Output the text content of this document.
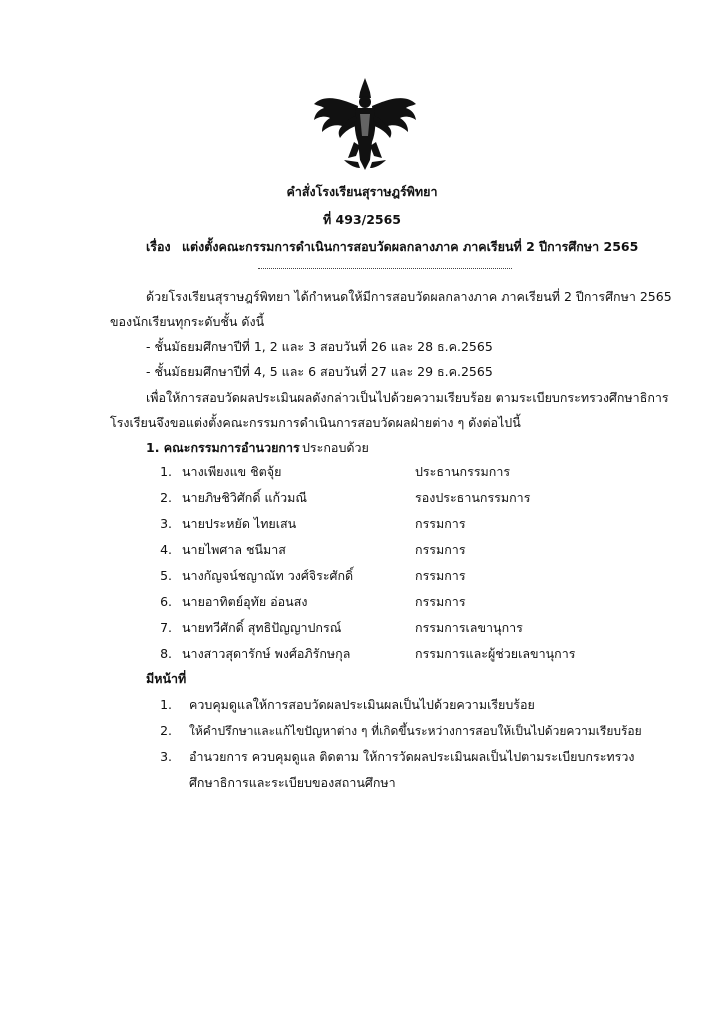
คำสั่งโรงเรียนสุราษฎร์พิทยา
ที่ 493/2565
เรื่อง แต่งตั้งคณะกรรมการดำเนินการสอบวัดผลกลางภาค ภาคเรียนที่ 2 ปีการศึกษา 2565
ด้วยโรงเรียนสุราษฎร์พิทยา ได้กำหนดให้มีการสอบวัดผลกลางภาค ภาคเรียนที่ 2 ปีการศึกษา 2565
ของนักเรียนทุกระดับชั้น ดังนี้
- ชั้นมัธยมศึกษาปีที่ 1, 2 และ 3 สอบวันที่ 26 และ 28 ธ.ค.2565
- ชั้นมัธยมศึกษาปีที่ 4, 5 และ 6 สอบวันที่ 27 และ 29 ธ.ค.2565
เพื่อให้การสอบวัดผลประเมินผลดังกล่าวเป็นไปด้วยความเรียบร้อย ตามระเบียบกระทรวงศึกษาธิการ
โรงเรียนจึงขอแต่งตั้งคณะกรรมการดำเนินการสอบวัดผลฝ่ายต่าง ๆ ดังต่อไปนี้
1. คณะกรรมการอำนวยการ ประกอบด้วย
1. นางเพียงแข ชิตจุ้ย	ประธานกรรมการ
2. นายภิษชิวิศักดิ์ แก้วมณี	รองประธานกรรมการ
3. นายประหยัด ไทยเสน	กรรมการ
4. นายไพศาล ชนีมาส	กรรมการ
5. นางกัญจน์ชญาณัท วงศ์จิระศักดิ์	กรรมการ
6. นายอาทิตย์อุทัย อ่อนสง	กรรมการ
7. นายทวีศักดิ์ สุทธิปัญญาปกรณ์	กรรมการเลขานุการ
8. นางสาวสุดารักษ์ พงศ์อภิรักษกุล	กรรมการและผู้ช่วยเลขานุการ
มีหน้าที่
1. ควบคุมดูแลให้การสอบวัดผลประเมินผลเป็นไปด้วยความเรียบร้อย
2. ให้คำปรึกษาและแก้ไขปัญหาต่าง ๆ ที่เกิดขึ้นระหว่างการสอบให้เป็นไปด้วยความเรียบร้อย
3. อำนวยการ ควบคุมดูแล ติดตาม ให้การวัดผลประเมินผลเป็นไปตามระเบียบกระทรวง
ศึกษาธิการและระเบียบของสถานศึกษา
